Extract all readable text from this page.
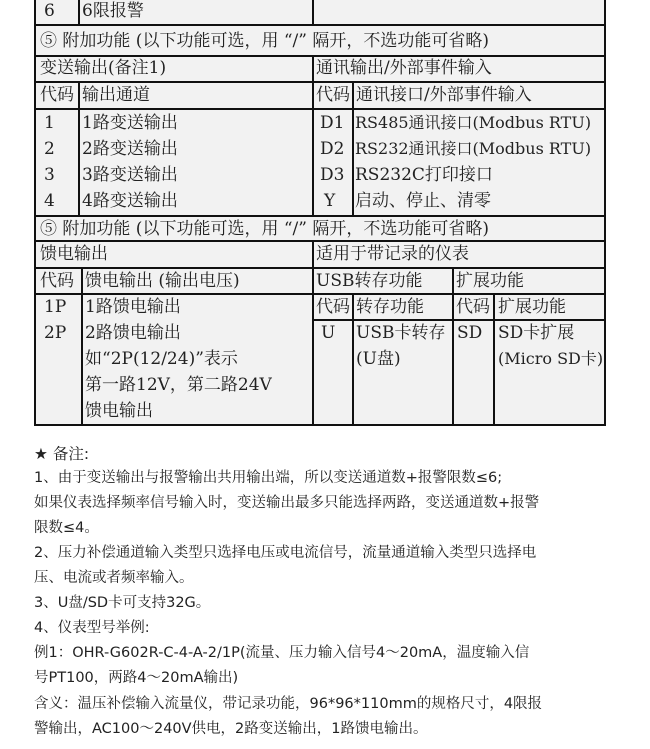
6 6限报警
⑤ 附加功能 (以下功能可选，用 “/” 隔开，不选功能可省略)
变送输出(备注1)
代码 输出通道
1 1路变送输出
2 2路变送输出
3 3路变送输出
4 4路变送输出
通讯输出/外部事件输入
代码 通讯接口/外部事件输入
D1 RS485通讯接口(Modbus RTU)
D2 RS232通讯接口(Modbus RTU)
D3 RS232C打印接口
Y 启动、停止、清零
⑤ 附加功能 (以下功能可选，用 “/” 隔开，不选功能可省略)
馈电输出
代码 馈电输出 (输出电压)
1P 1路馈电输出
2P 2路馈电输出
如“2P(12/24)”表示
第一路12V，第二路24V
馈电输出
适用于带记录的仪表
USB转存功能 扩展功能
代码 转存功能 代码 扩展功能
U USB卡转存
(U盘)
SD SD卡扩展
(Micro SD卡)
★ 备注:
1、由于变送输出与报警输出共用输出端，所以变送通道数+报警限数≤6;
如果仪表选择频率信号输入时，变送输出最多只能选择两路，变送通道数+报警
限数≤4。
2、压力补偿通道输入类型只选择电压或电流信号，流量通道输入类型只选择电
压、电流或者频率输入。
3、U盘/SD卡可支持32G。
4、仪表型号举例:
例1：OHR-G602R-C-4-A-2/1P(流量、压力输入信号4～20mA，温度输入信
号PT100，两路4～20mA输出)
含义：温压补偿输入流量仪，带记录功能，96*96*110mm的规格尺寸，4限报
警输出，AC100～240V供电，2路变送输出，1路馈电输出。
